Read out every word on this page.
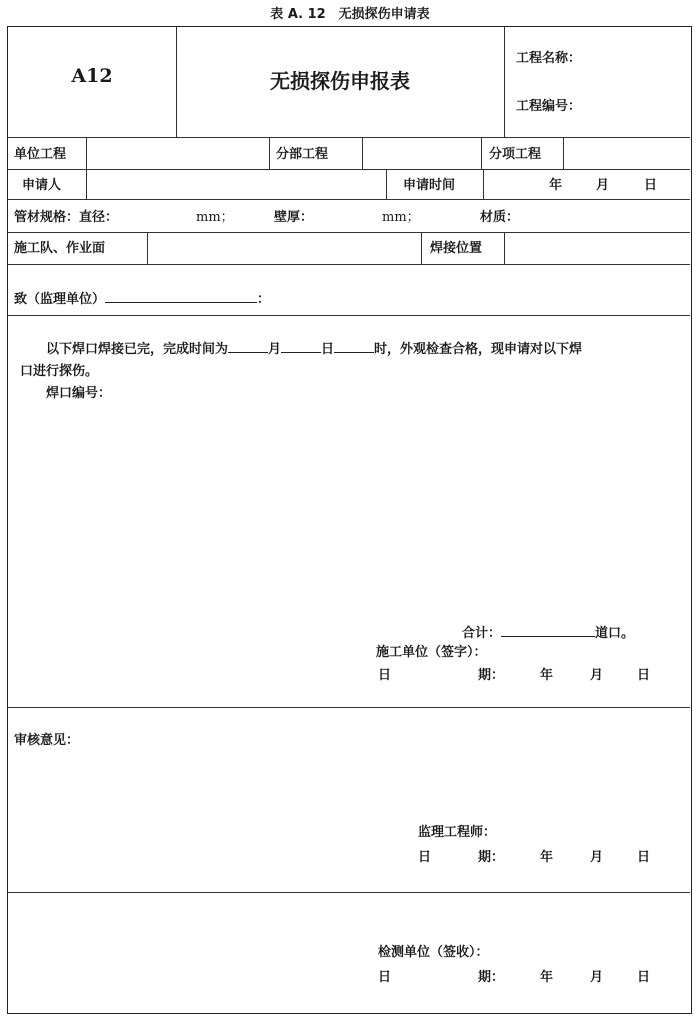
表 A. 12　无损探伤申请表
A12	无损探伤申报表
工程名称：
工程编号：
单位工程	分部工程	分项工程
申请人	申请时间	年	月	日
管材规格：直径：	mm；	壁厚：	mm；	材质：
施工队、作业面	焊接位置
致（监理单位）	：
以下焊口焊接已完，完成时间为	月	日	时，外观检查合格，现申请对以下焊
口进行探伤。
焊口编号：
合计：	道口。
施工单位（签字）：
日	期：	年	月	日
审核意见：
监理工程师：
日	期：	年	月	日
检测单位（签收）：
日	期：	年	月	日
